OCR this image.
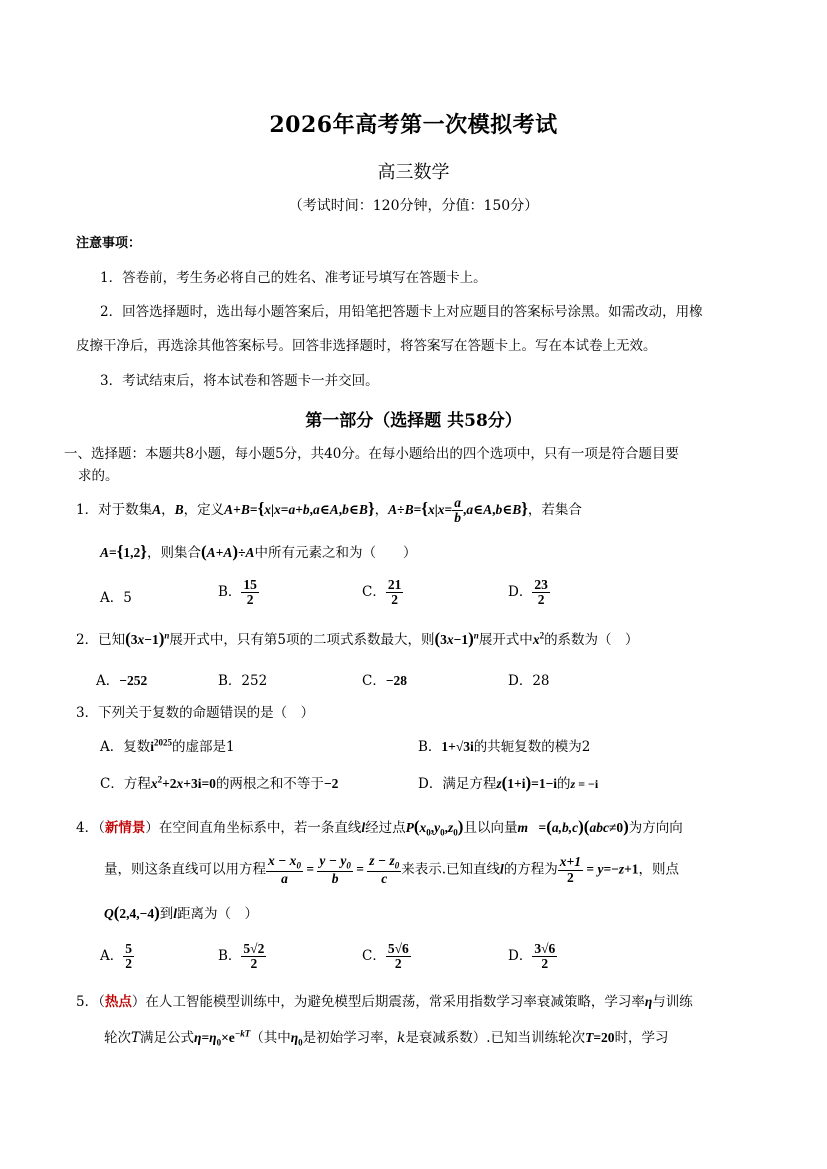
2026年高考第一次模拟考试
高三数学
（考试时间：120分钟，分值：150分）
注意事项：
1．答卷前，考生务必将自己的姓名、准考证号填写在答题卡上。
2．回答选择题时，选出每小题答案后，用铅笔把答题卡上对应题目的答案标号涂黑。如需改动，用橡
皮擦干净后，再选涂其他答案标号。回答非选择题时，将答案写在答题卡上。写在本试卷上无效。
3．考试结束后，将本试卷和答题卡一并交回。
第一部分（选择题 共58分）
一、选择题：本题共8小题，每小题5分，共40分。在每小题给出的四个选项中，只有一项是符合题目要
求的。
1．对于数集A，B，定义A+B={x|x=a+b,a∈A,b∈B}，$A\div B=\{x|x= \frac{a}{b}$ ,a∈A,b∈B}，若集合
A={1,2}，则集合(A+A)÷A中所有元素之和为（　　）
A．5	B． $\frac{15}{2}$	C． $\frac{21}{2}$	D． $\frac{23}{2}$
2．已知$(3x-1)^n$展开式中，只有第5项的二项式系数最大，则$(3x-1)^n$展开式中$x^2$的系数为（　）
A．−252	B．252	C．−28	D．28
3．下列关于复数的命题错误的是（　）
A．复数$i^{2025}$的虚部是1	B．1+√3i的共轭复数的模为2
C．方程$x^2+2x+3i=0$的两根之和不等于−2	D．满足方程z(1+i)=1−i的z = −i
4．（新情景）在空间直角坐标系中，若一条直线l经过点$P(x_0,y_0,z_0)$且以向量m⃗=(a,b,c)(abc≠0)为方向向
量，则这条直线可以用方程 $\frac{x - x_0}{a} = \frac{y - y_0}{b} = \frac{z - z_0}{c}$ 来表示.已知直线l的方程为 $\frac{x+1}{2} = y=-z+1$，则点
Q(2,4,−4)到l距离为（　）
A． $\frac{5}{2}$	B． $\frac{5√2}{2}$	C． $\frac{5√6}{2}$	D． $\frac{3√6}{2}$
5．（热点）在人工智能模型训练中，为避免模型后期震荡，常采用指数学习率衰减策略，学习率η与训练
轮次T满足公式$\eta=\eta_0\times e^{-kT}$（其中$\eta_0$是初始学习率，k是衰减系数）.已知当训练轮次T=20时，学习
